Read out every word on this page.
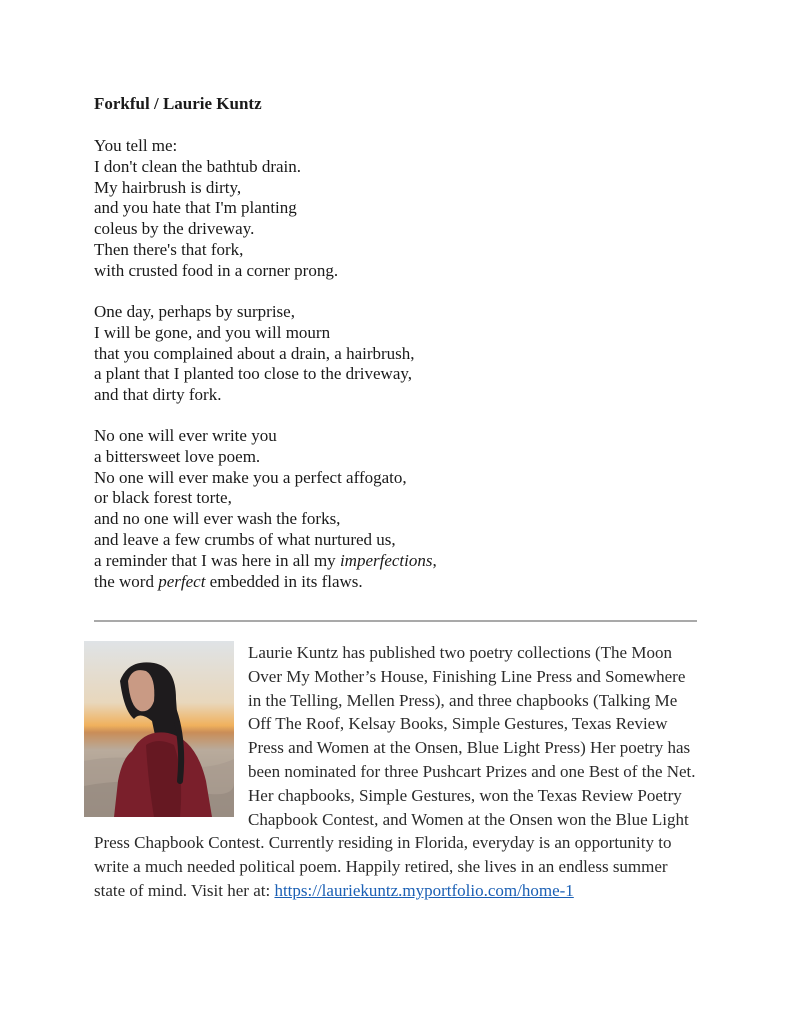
Forkful / Laurie Kuntz
You tell me:
I don't clean the bathtub drain.
My hairbrush is dirty,
and you hate that I'm planting
coleus by the driveway.
Then there's that fork,
with crusted food in a corner prong.
One day, perhaps by surprise,
I will be gone, and you will mourn
that you complained about a drain, a hairbrush,
a plant that I planted too close to the driveway,
and that dirty fork.
No one will ever write you
a bittersweet love poem.
No one will ever make you a perfect affogato,
or black forest torte,
and no one will ever wash the forks,
and leave a few crumbs of what nurtured us,
a reminder that I was here in all my imperfections,
the word perfect embedded in its flaws.
Laurie Kuntz has published two poetry collections (The Moon Over My Mother’s House, Finishing Line Press and Somewhere in the Telling, Mellen Press), and three chapbooks (Talking Me Off The Roof, Kelsay Books, Simple Gestures, Texas Review Press and Women at the Onsen, Blue Light Press) Her poetry has been nominated for three Pushcart Prizes and one Best of the Net. Her chapbooks, Simple Gestures, won the Texas Review Poetry Chapbook Contest, and Women at the Onsen won the Blue Light Press Chapbook Contest. Currently residing in Florida, everyday is an opportunity to write a much needed political poem. Happily retired, she lives in an endless summer state of mind. Visit her at: https://lauriekuntz.myportfolio.com/home-1
